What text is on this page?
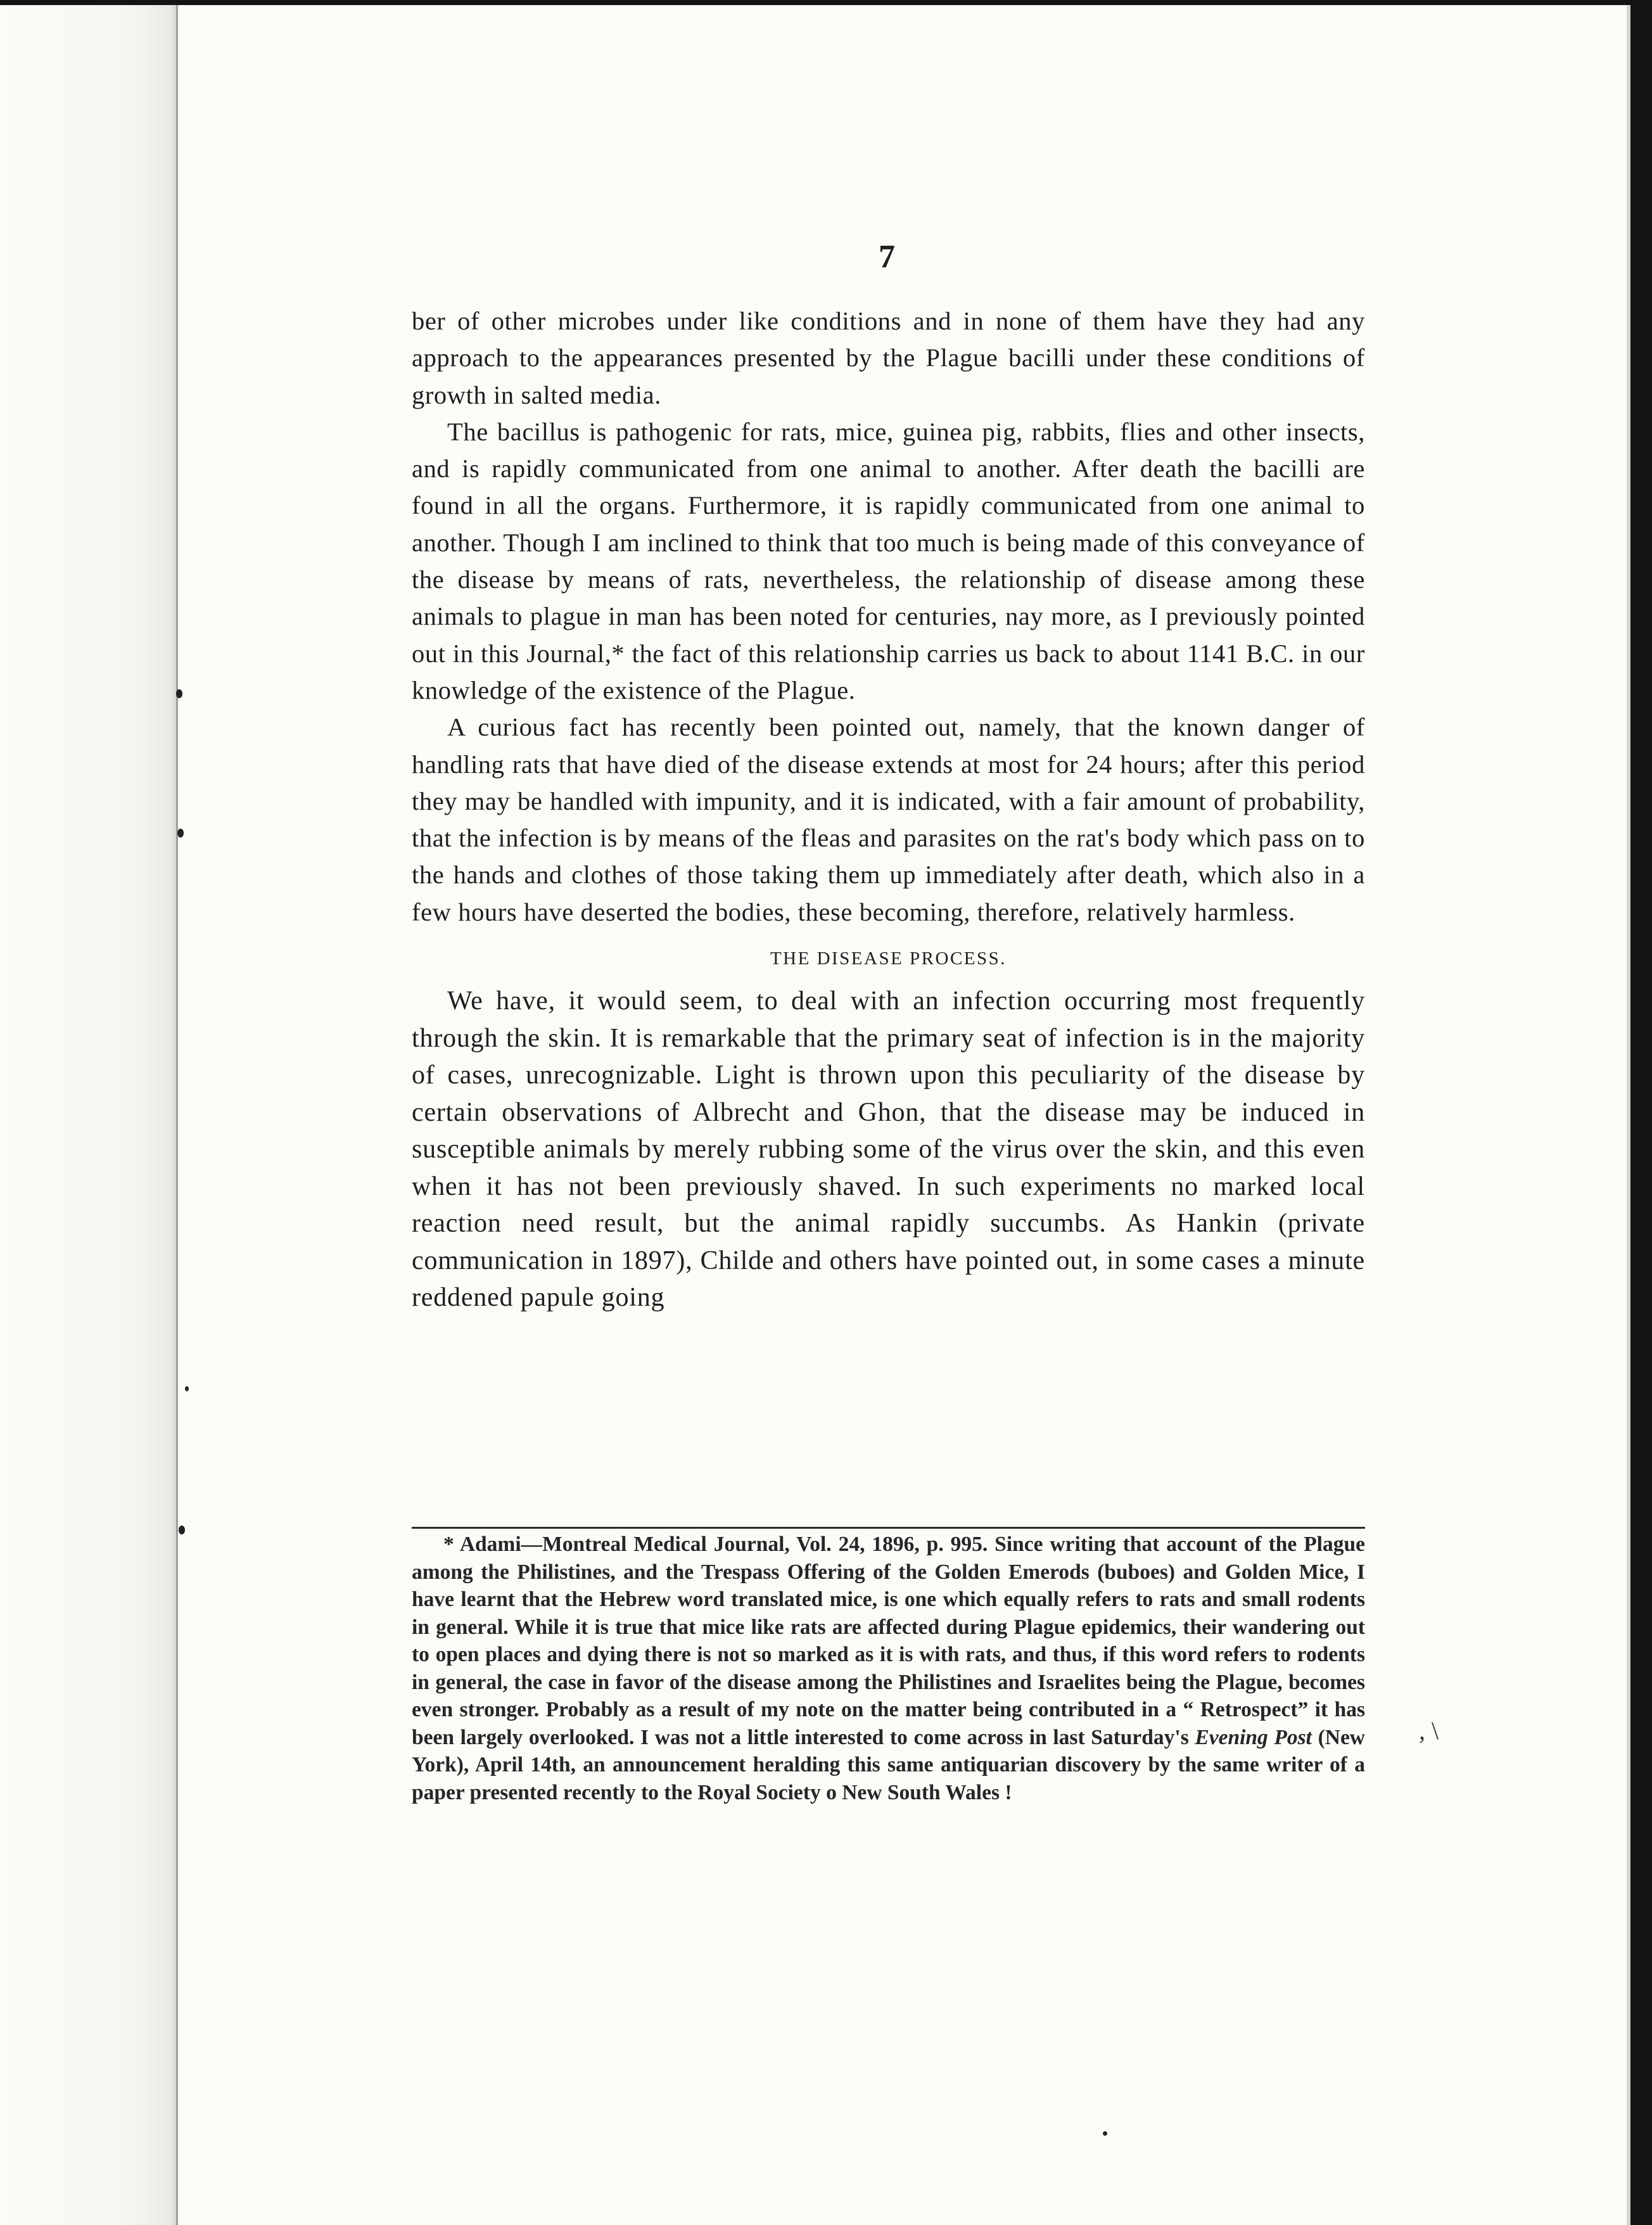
7

ber of other microbes under like conditions and in none of them have they had any approach to the appearances presented by the Plague bacilli under these conditions of growth in salted media.

The bacillus is pathogenic for rats, mice, guinea pig, rabbits, flies and other insects, and is rapidly communicated from one animal to another. After death the bacilli are found in all the organs. Furthermore, it is rapidly communicated from one animal to another. Though I am inclined to think that too much is being made of this conveyance of the disease by means of rats, nevertheless, the relationship of disease among these animals to plague in man has been noted for centuries, nay more, as I previously pointed out in this Journal,* the fact of this relationship carries us back to about 1141 B.C. in our knowledge of the existence of the Plague.

A curious fact has recently been pointed out, namely, that the known danger of handling rats that have died of the disease extends at most for 24 hours; after this period they may be handled with impunity, and it is indicated, with a fair amount of probability, that the infection is by means of the fleas and parasites on the rat's body which pass on to the hands and clothes of those taking them up immediately after death, which also in a few hours have deserted the bodies, these becoming, therefore, relatively harmless.

THE DISEASE PROCESS.

We have, it would seem, to deal with an infection occurring most frequently through the skin. It is remarkable that the primary seat of infection is in the majority of cases, unrecognizable. Light is thrown upon this peculiarity of the disease by certain observations of Albrecht and Ghon, that the disease may be induced in susceptible animals by merely rubbing some of the virus over the skin, and this even when it has not been previously shaved. In such experiments no marked local reaction need result, but the animal rapidly succumbs. As Hankin (private communication in 1897), Childe and others have pointed out, in some cases a minute reddened papule going

* Adami—Montreal Medical Journal, Vol. 24, 1896, p. 995. Since writing that account of the Plague among the Philistines, and the Trespass Offering of the Golden Emerods (buboes) and Golden Mice, I have learnt that the Hebrew word translated mice, is one which equally refers to rats and small rodents in general. While it is true that mice like rats are affected during Plague epidemics, their wandering out to open places and dying there is not so marked as it is with rats, and thus, if this word refers to rodents in general, the case in favor of the disease among the Philistines and Israelites being the Plague, becomes even stronger. Probably as a result of my note on the matter being contributed in a “ Retrospect” it has been largely overlooked. I was not a little interested to come across in last Saturday's Evening Post (New York), April 14th, an announcement heralding this same antiquarian discovery by the same writer of a paper presented recently to the Royal Society o New South Wales !

, \
